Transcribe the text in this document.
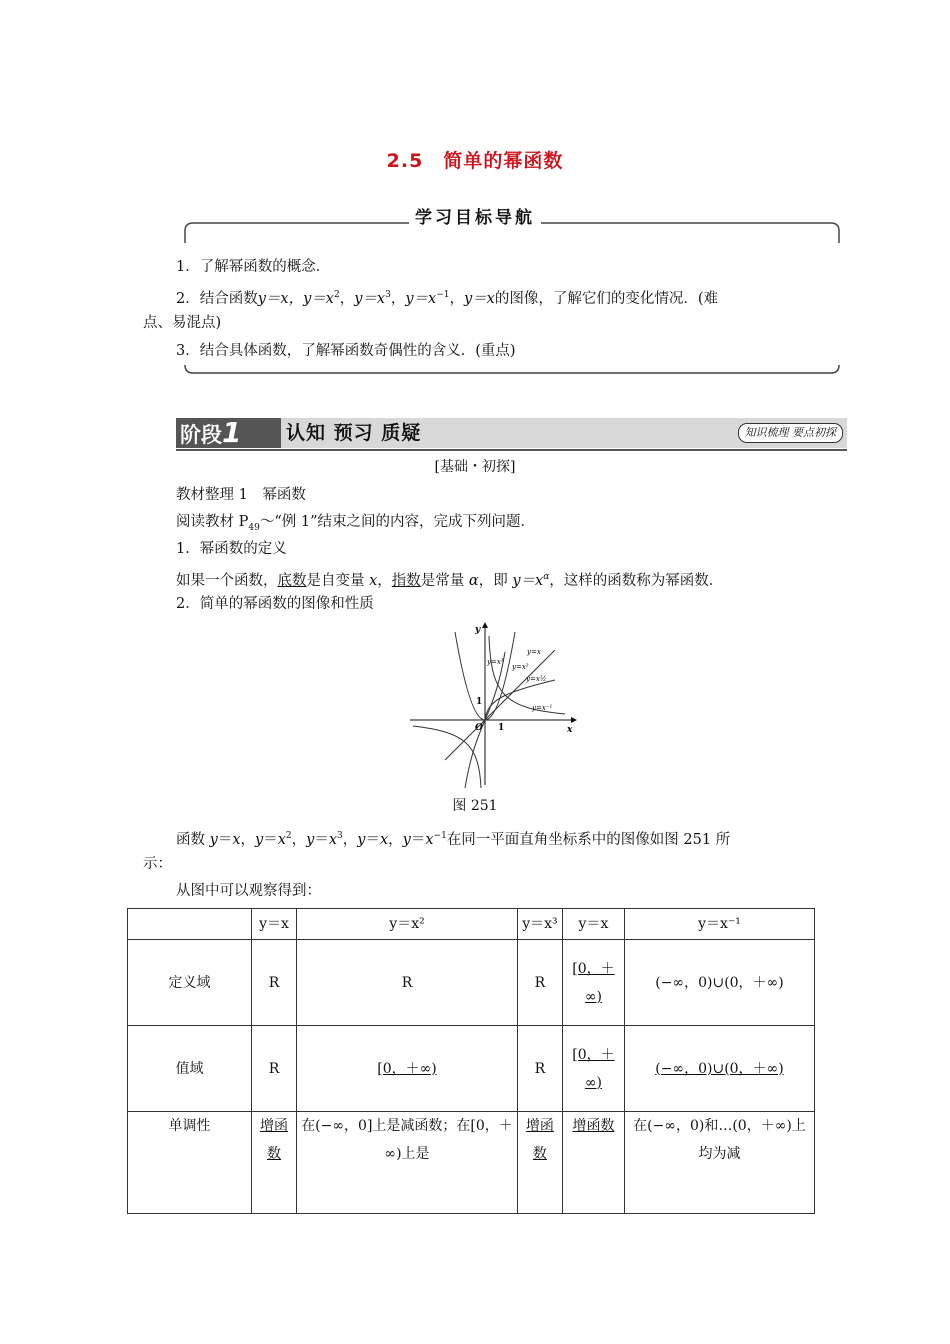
2.5　简单的幂函数
学习目标导航
1．了解幂函数的概念．
2．结合函数y＝x，$y=x^2$，$y=x^3$，$y=x^{-1}$，y＝x的图像，了解它们的变化情况．(难
点、易混点)
3．结合具体函数，了解幂函数奇偶性的含义．(重点)
阶段1	认知 预习 质疑	知识梳理 要点初探
[基础・初探]
教材整理 1　幂函数
阅读教材 $P_{49}\sim“$例 1”结束之间的内容，完成下列问题．
1．幂函数的定义
如果一个函数，底数是自变量 x，指数是常量 α，即 $y=x^\alpha$，这样的函数称为幂函数．
2．简单的幂函数的图像和性质
x
y
O 1
1
y=x³
y=x²
y=x
y=x½
y=x⁻¹
图 251
函数 y＝x，$y=x^2$，$y=x^3$，y＝x，$y=x^{-1}$在同一平面直角坐标系中的图像如图 251 所
示：
从图中可以观察得到：
	y＝x	y＝x²	y＝x³	y＝x	y＝x⁻¹
定义域	R	R	R	[0，＋∞)	(−∞，0)∪(0，＋∞)
值域	R	[0，＋∞)	R	[0，＋∞)	(−∞，0)∪(0，＋∞)
单调性	增函数	在(−∞，0]上是减函数；在[0，＋∞)上是	增函数	增函数	在(−∞，0)和…(0，＋∞)上均为减
